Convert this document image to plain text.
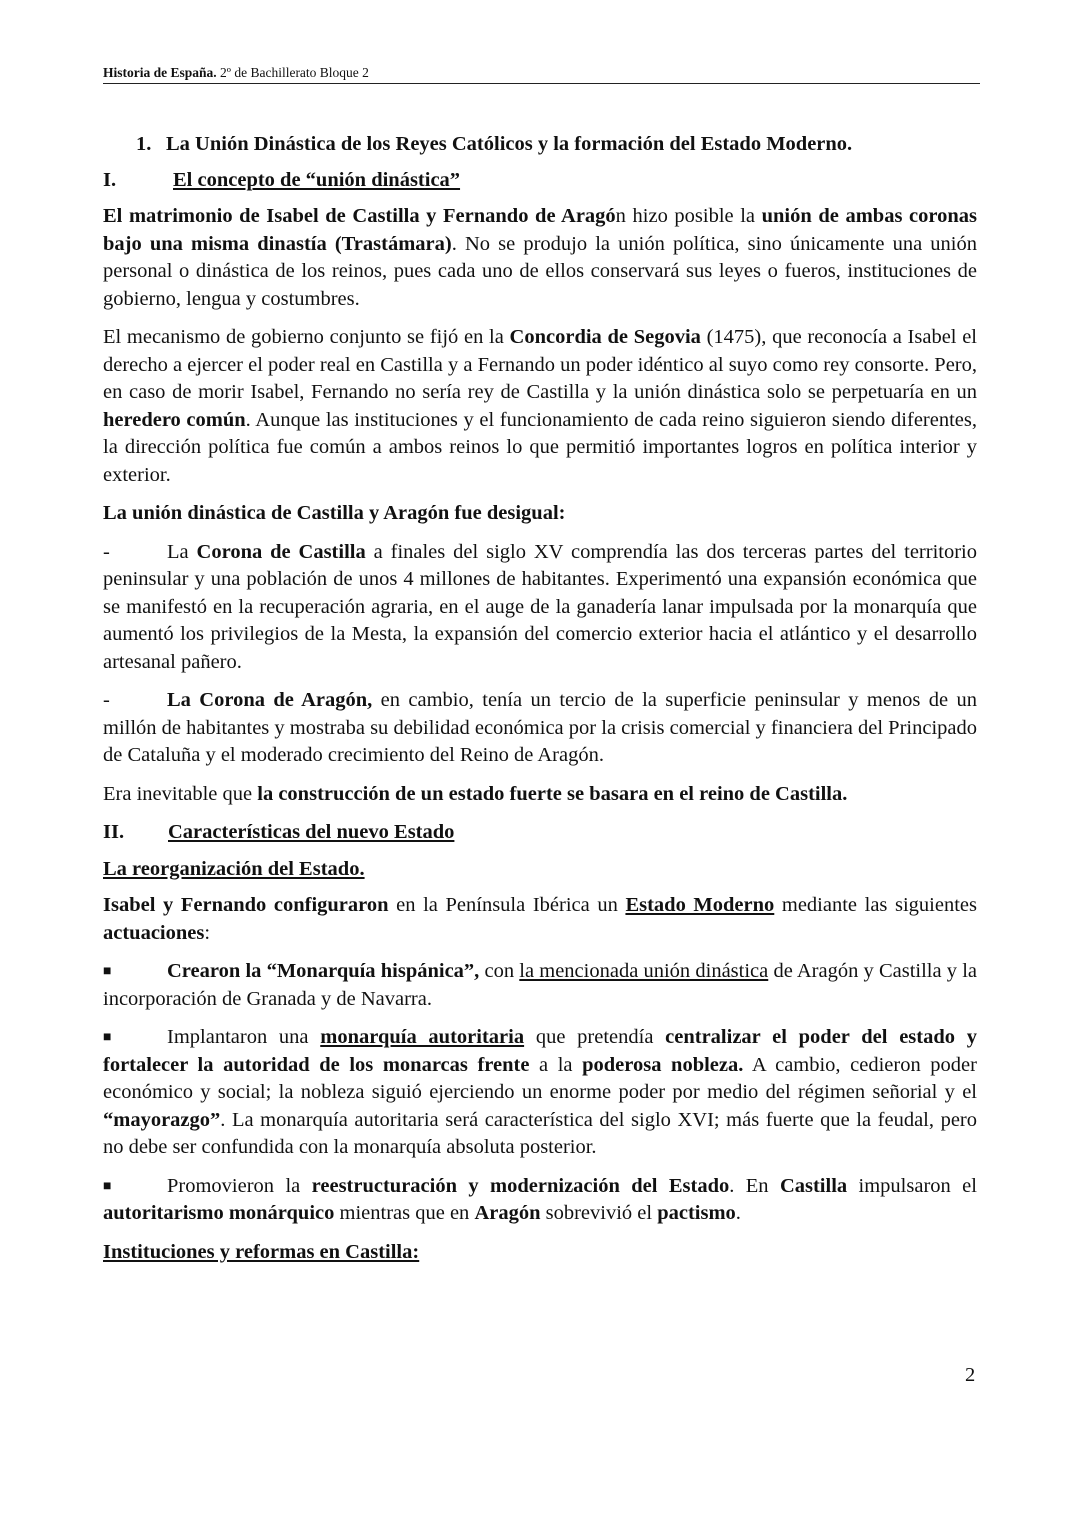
Historia de España. 2º de Bachillerato Bloque 2
1. La Unión Dinástica de los Reyes Católicos y la formación del Estado Moderno.
I.	El concepto de “unión dinástica”

El matrimonio de Isabel de Castilla y Fernando de Aragón hizo posible la unión de ambas coronas bajo una misma dinastía (Trastámara). No se produjo la unión política, sino únicamente una unión personal o dinástica de los reinos, pues cada uno de ellos conservará sus leyes o fueros, instituciones de gobierno, lengua y costumbres.

El mecanismo de gobierno conjunto se fijó en la Concordia de Segovia (1475), que reconocía a Isabel el derecho a ejercer el poder real en Castilla y a Fernando un poder idéntico al suyo como rey consorte. Pero, en caso de morir Isabel, Fernando no sería rey de Castilla y la unión dinástica solo se perpetuaría en un heredero común. Aunque las instituciones y el funcionamiento de cada reino siguieron siendo diferentes, la dirección política fue común a ambos reinos lo que permitió importantes logros en política interior y exterior.

La unión dinástica de Castilla y Aragón fue desigual:

-	La Corona de Castilla a finales del siglo XV comprendía las dos terceras partes del territorio peninsular y una población de unos 4 millones de habitantes. Experimentó una expansión económica que se manifestó en la recuperación agraria, en el auge de la ganadería lanar impulsada por la monarquía que aumentó los privilegios de la Mesta, la expansión del comercio exterior hacia el atlántico y el desarrollo artesanal pañero.

-	La Corona de Aragón, en cambio, tenía un tercio de la superficie peninsular y menos de un millón de habitantes y mostraba su debilidad económica por la crisis comercial y financiera del Principado de Cataluña y el moderado crecimiento del Reino de Aragón.

Era inevitable que la construcción de un estado fuerte se basara en el reino de Castilla.

II. Características del nuevo Estado
La reorganización del Estado.

Isabel y Fernando configuraron en la Península Ibérica un Estado Moderno mediante las siguientes actuaciones:

■	Crearon la “Monarquía hispánica”, con la mencionada unión dinástica de Aragón y Castilla y la incorporación de Granada y de Navarra.

■	Implantaron una monarquía autoritaria que pretendía centralizar el poder del estado y fortalecer la autoridad de los monarcas frente a la poderosa nobleza. A cambio, cedieron poder económico y social; la nobleza siguió ejerciendo un enorme poder por medio del régimen señorial y el “mayorazgo”. La monarquía autoritaria será característica del siglo XVI; más fuerte que la feudal, pero no debe ser confundida con la monarquía absoluta posterior.

■	Promovieron la reestructuración y modernización del Estado. En Castilla impulsaron el autoritarismo monárquico mientras que en Aragón sobrevivió el pactismo.

Instituciones y reformas en Castilla:
2
